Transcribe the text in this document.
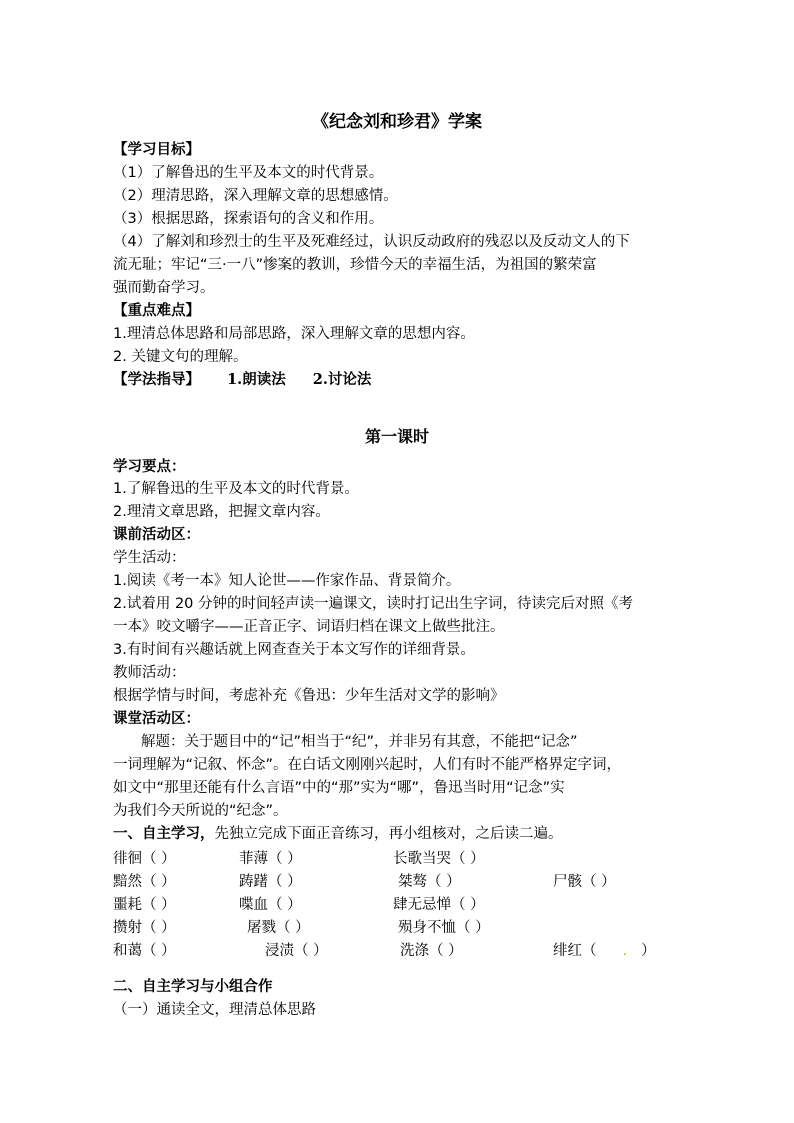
《纪念刘和珍君》学案
【学习目标】
（1）了解鲁迅的生平及本文的时代背景。
（2）理清思路，深入理解文章的思想感情。
（3）根据思路，探索语句的含义和作用。
（4）了解刘和珍烈士的生平及死难经过，认识反动政府的残忍以及反动文人的下
流无耻；牢记“三·一八”惨案的教训，珍惜今天的幸福生活，为祖国的繁荣富
强而勤奋学习。
【重点难点】
1.理清总体思路和局部思路，深入理解文章的思想内容。
2. 关键文句的理解。
【学法指导】 1.朗读法 2.讨论法
第一课时
学习要点：
1.了解鲁迅的生平及本文的时代背景。
2.理清文章思路，把握文章内容。
课前活动区：
学生活动：
1.阅读《考一本》知人论世——作家作品、背景简介。
2.试着用 20 分钟的时间轻声读一遍课文，读时打记出生字词，待读完后对照《考
一本》咬文嚼字——正音正字、词语归档在课文上做些批注。
3.有时间有兴趣话就上网查查关于本文写作的详细背景。
教师活动：
根据学情与时间，考虑补充《鲁迅：少年生活对文学的影响》
课堂活动区：
解题：关于题目中的“记”相当于“纪”，并非另有其意，不能把“记念”
一词理解为“记叙、怀念”。在白话文刚刚兴起时，人们有时不能严格界定字词，
如文中“那里还能有什么言语”中的“那”实为“哪”，鲁迅当时用“记念”实
为我们今天所说的“纪念”。
一、自主学习，先独立完成下面正音练习，再小组核对，之后读二遍。
徘徊（ ）	菲薄（ ）	长歌当哭（ ）
黯然（ ）	踌躇（ ）	桀骜（ ）	尸骸（ ）
噩耗（ ）	喋血（ ）	肆无忌惮（ ）
攒射（ ）	屠戮（ ）	殒身不恤（ ）
和蔼（ ）	浸渍（ ）	洗涤（ ）	绯红（ . ）
二、自主学习与小组合作
（一）通读全文，理清总体思路
